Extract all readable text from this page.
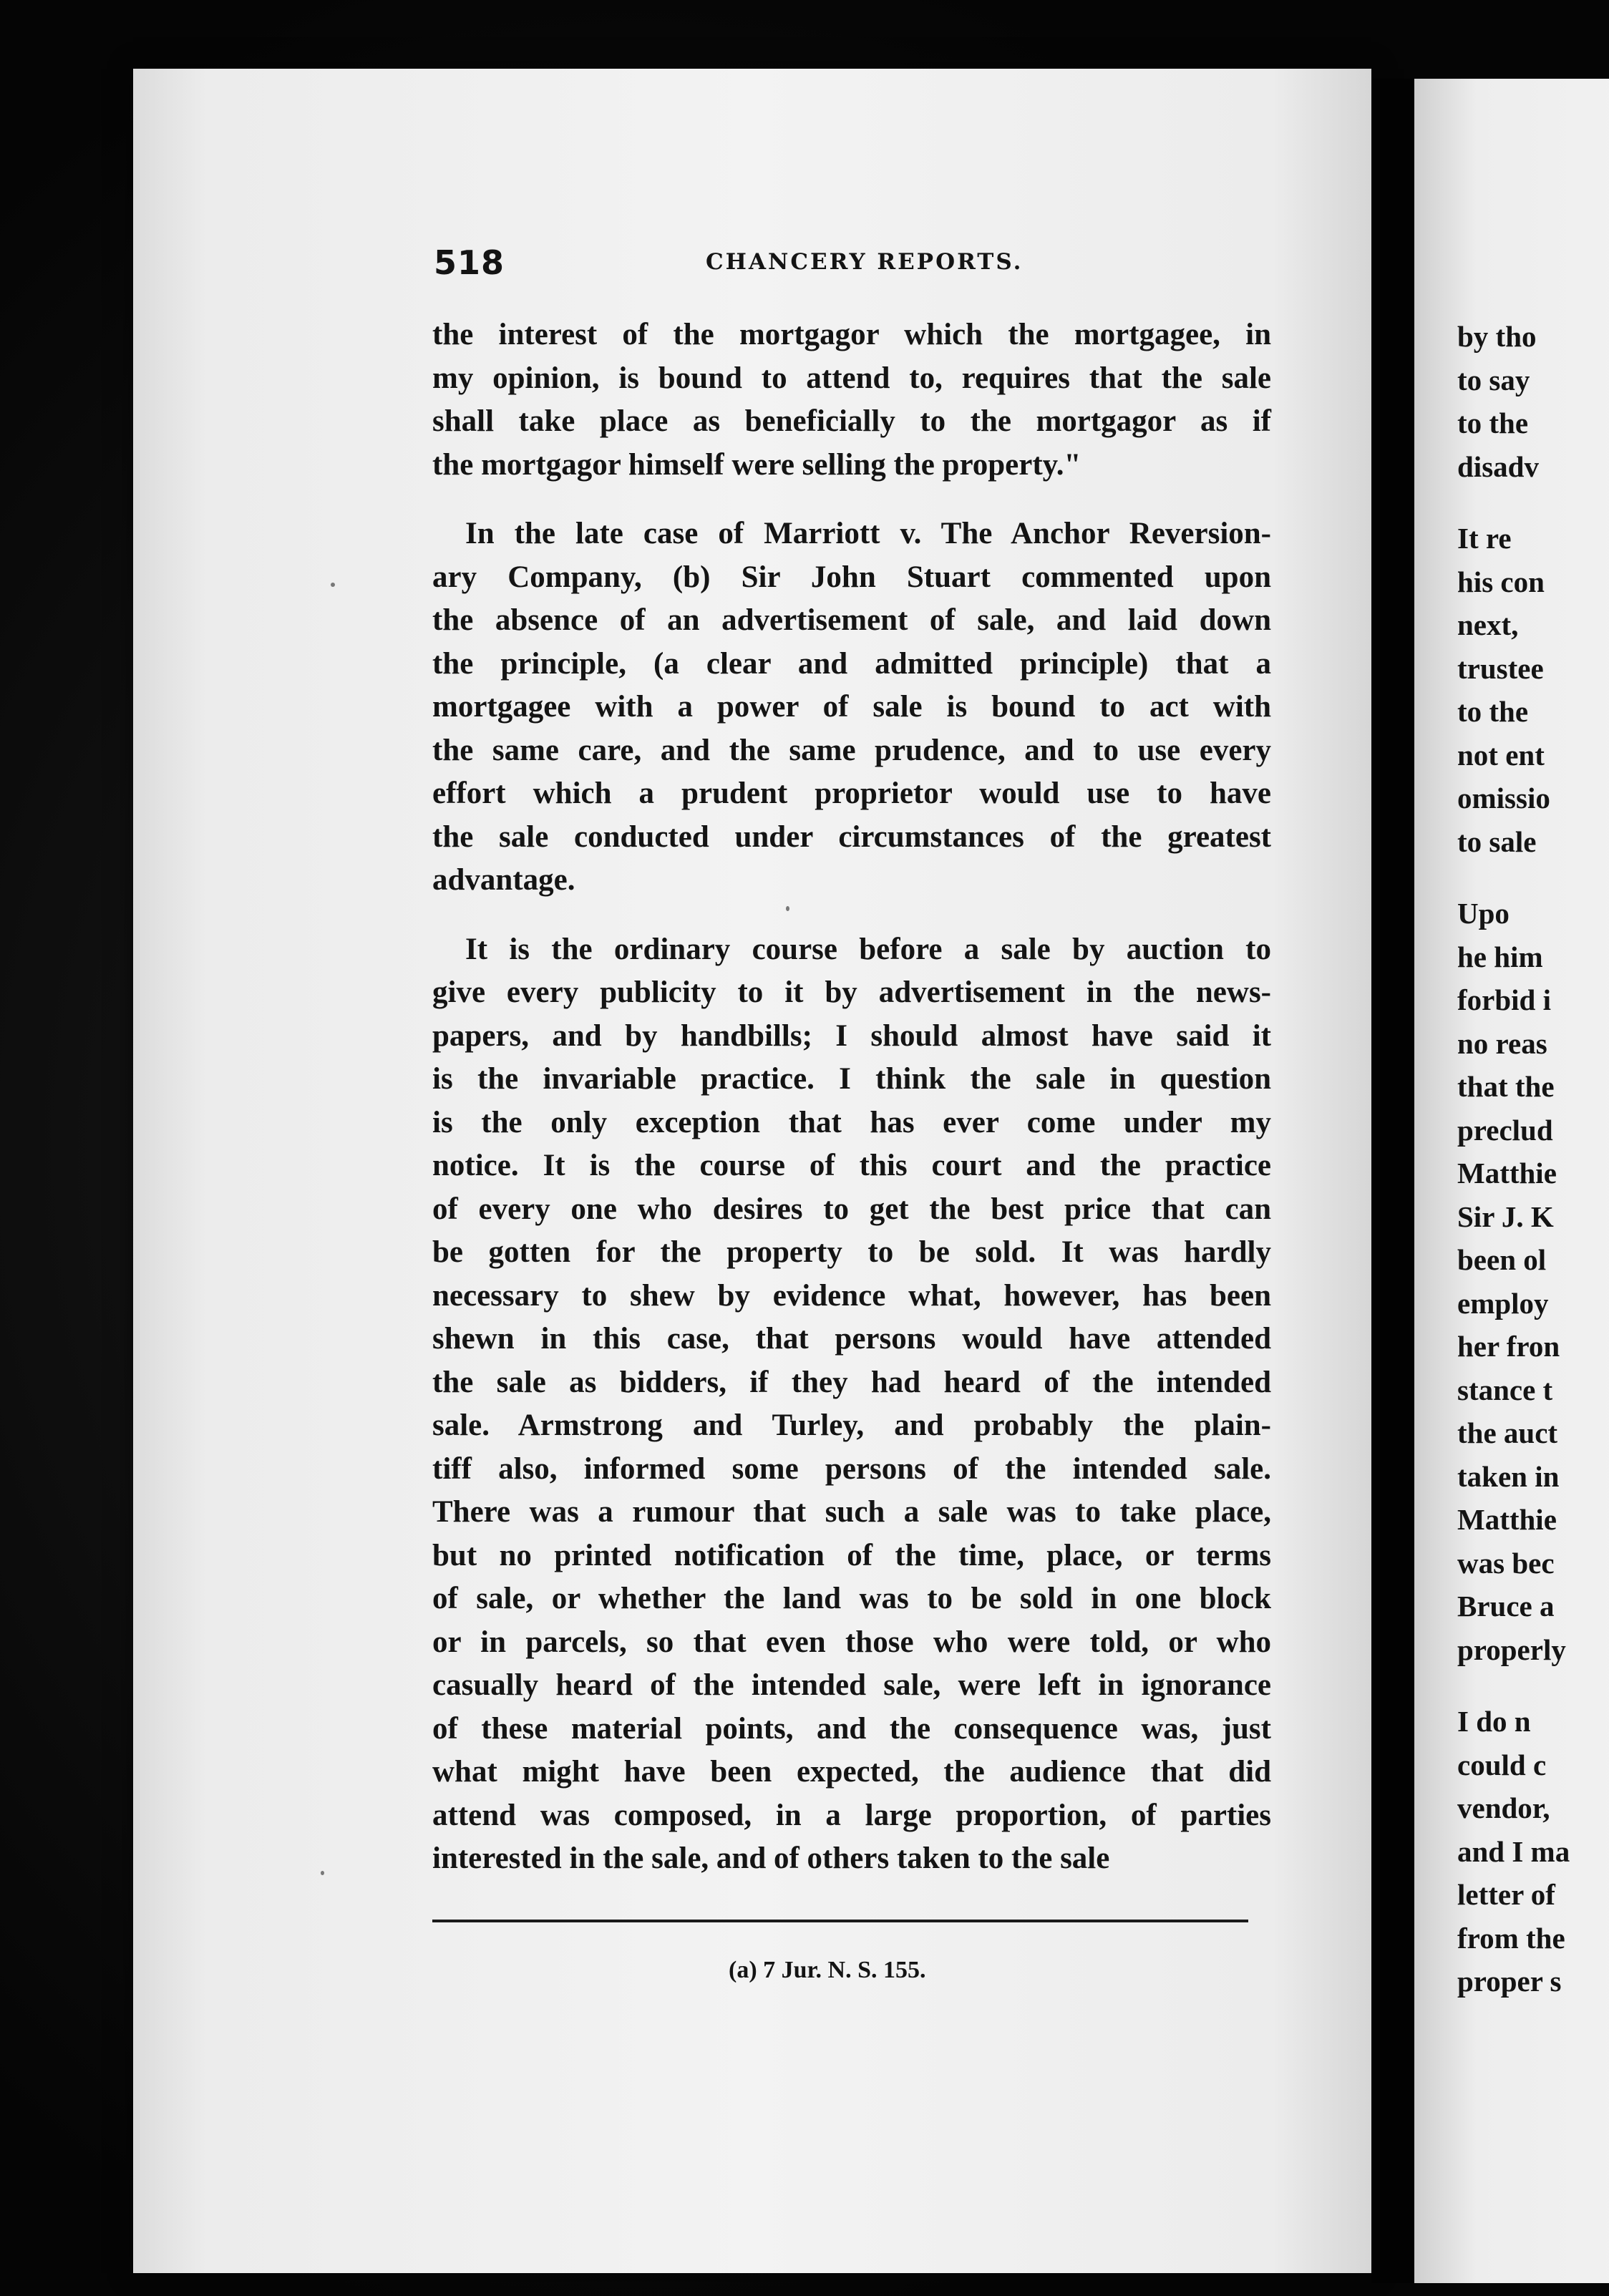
by tho
to say
to the
disadv
It re
his con
next,
trustee
to the
not ent
omissio
to sale
Upo
he him
forbid i
no reas
that the
preclud
Matthie
Sir J. K
been ol
employ
her fron
stance t
the auct
taken in
Matthie
was bec
Bruce a
properly
I do n
could c
vendor,
and I ma
letter of
from the
proper s
518	CHANCERY REPORTS.
the interest of the mortgagor which the mortgagee, in
my opinion, is bound to attend to, requires that the sale
shall take place as beneficially to the mortgagor as if
the mortgagor himself were selling the property."
In the late case of Marriott v. The Anchor Reversion-
ary Company, (b) Sir John Stuart commented upon
the absence of an advertisement of sale, and laid down
the principle, (a clear and admitted principle) that a
mortgagee with a power of sale is bound to act with
the same care, and the same prudence, and to use every
effort which a prudent proprietor would use to have
the sale conducted under circumstances of the greatest
advantage.
It is the ordinary course before a sale by auction to
give every publicity to it by advertisement in the news-
papers, and by handbills; I should almost have said it
is the invariable practice. I think the sale in question
is the only exception that has ever come under my
notice. It is the course of this court and the practice
of every one who desires to get the best price that can
be gotten for the property to be sold. It was hardly
necessary to shew by evidence what, however, has been
shewn in this case, that persons would have attended
the sale as bidders, if they had heard of the intended
sale. Armstrong and Turley, and probably the plain-
tiff also, informed some persons of the intended sale.
There was a rumour that such a sale was to take place,
but no printed notification of the time, place, or terms
of sale, or whether the land was to be sold in one block
or in parcels, so that even those who were told, or who
casually heard of the intended sale, were left in ignorance
of these material points, and the consequence was, just
what might have been expected, the audience that did
attend was composed, in a large proportion, of parties
interested in the sale, and of others taken to the sale
(a) 7 Jur. N. S. 155.
